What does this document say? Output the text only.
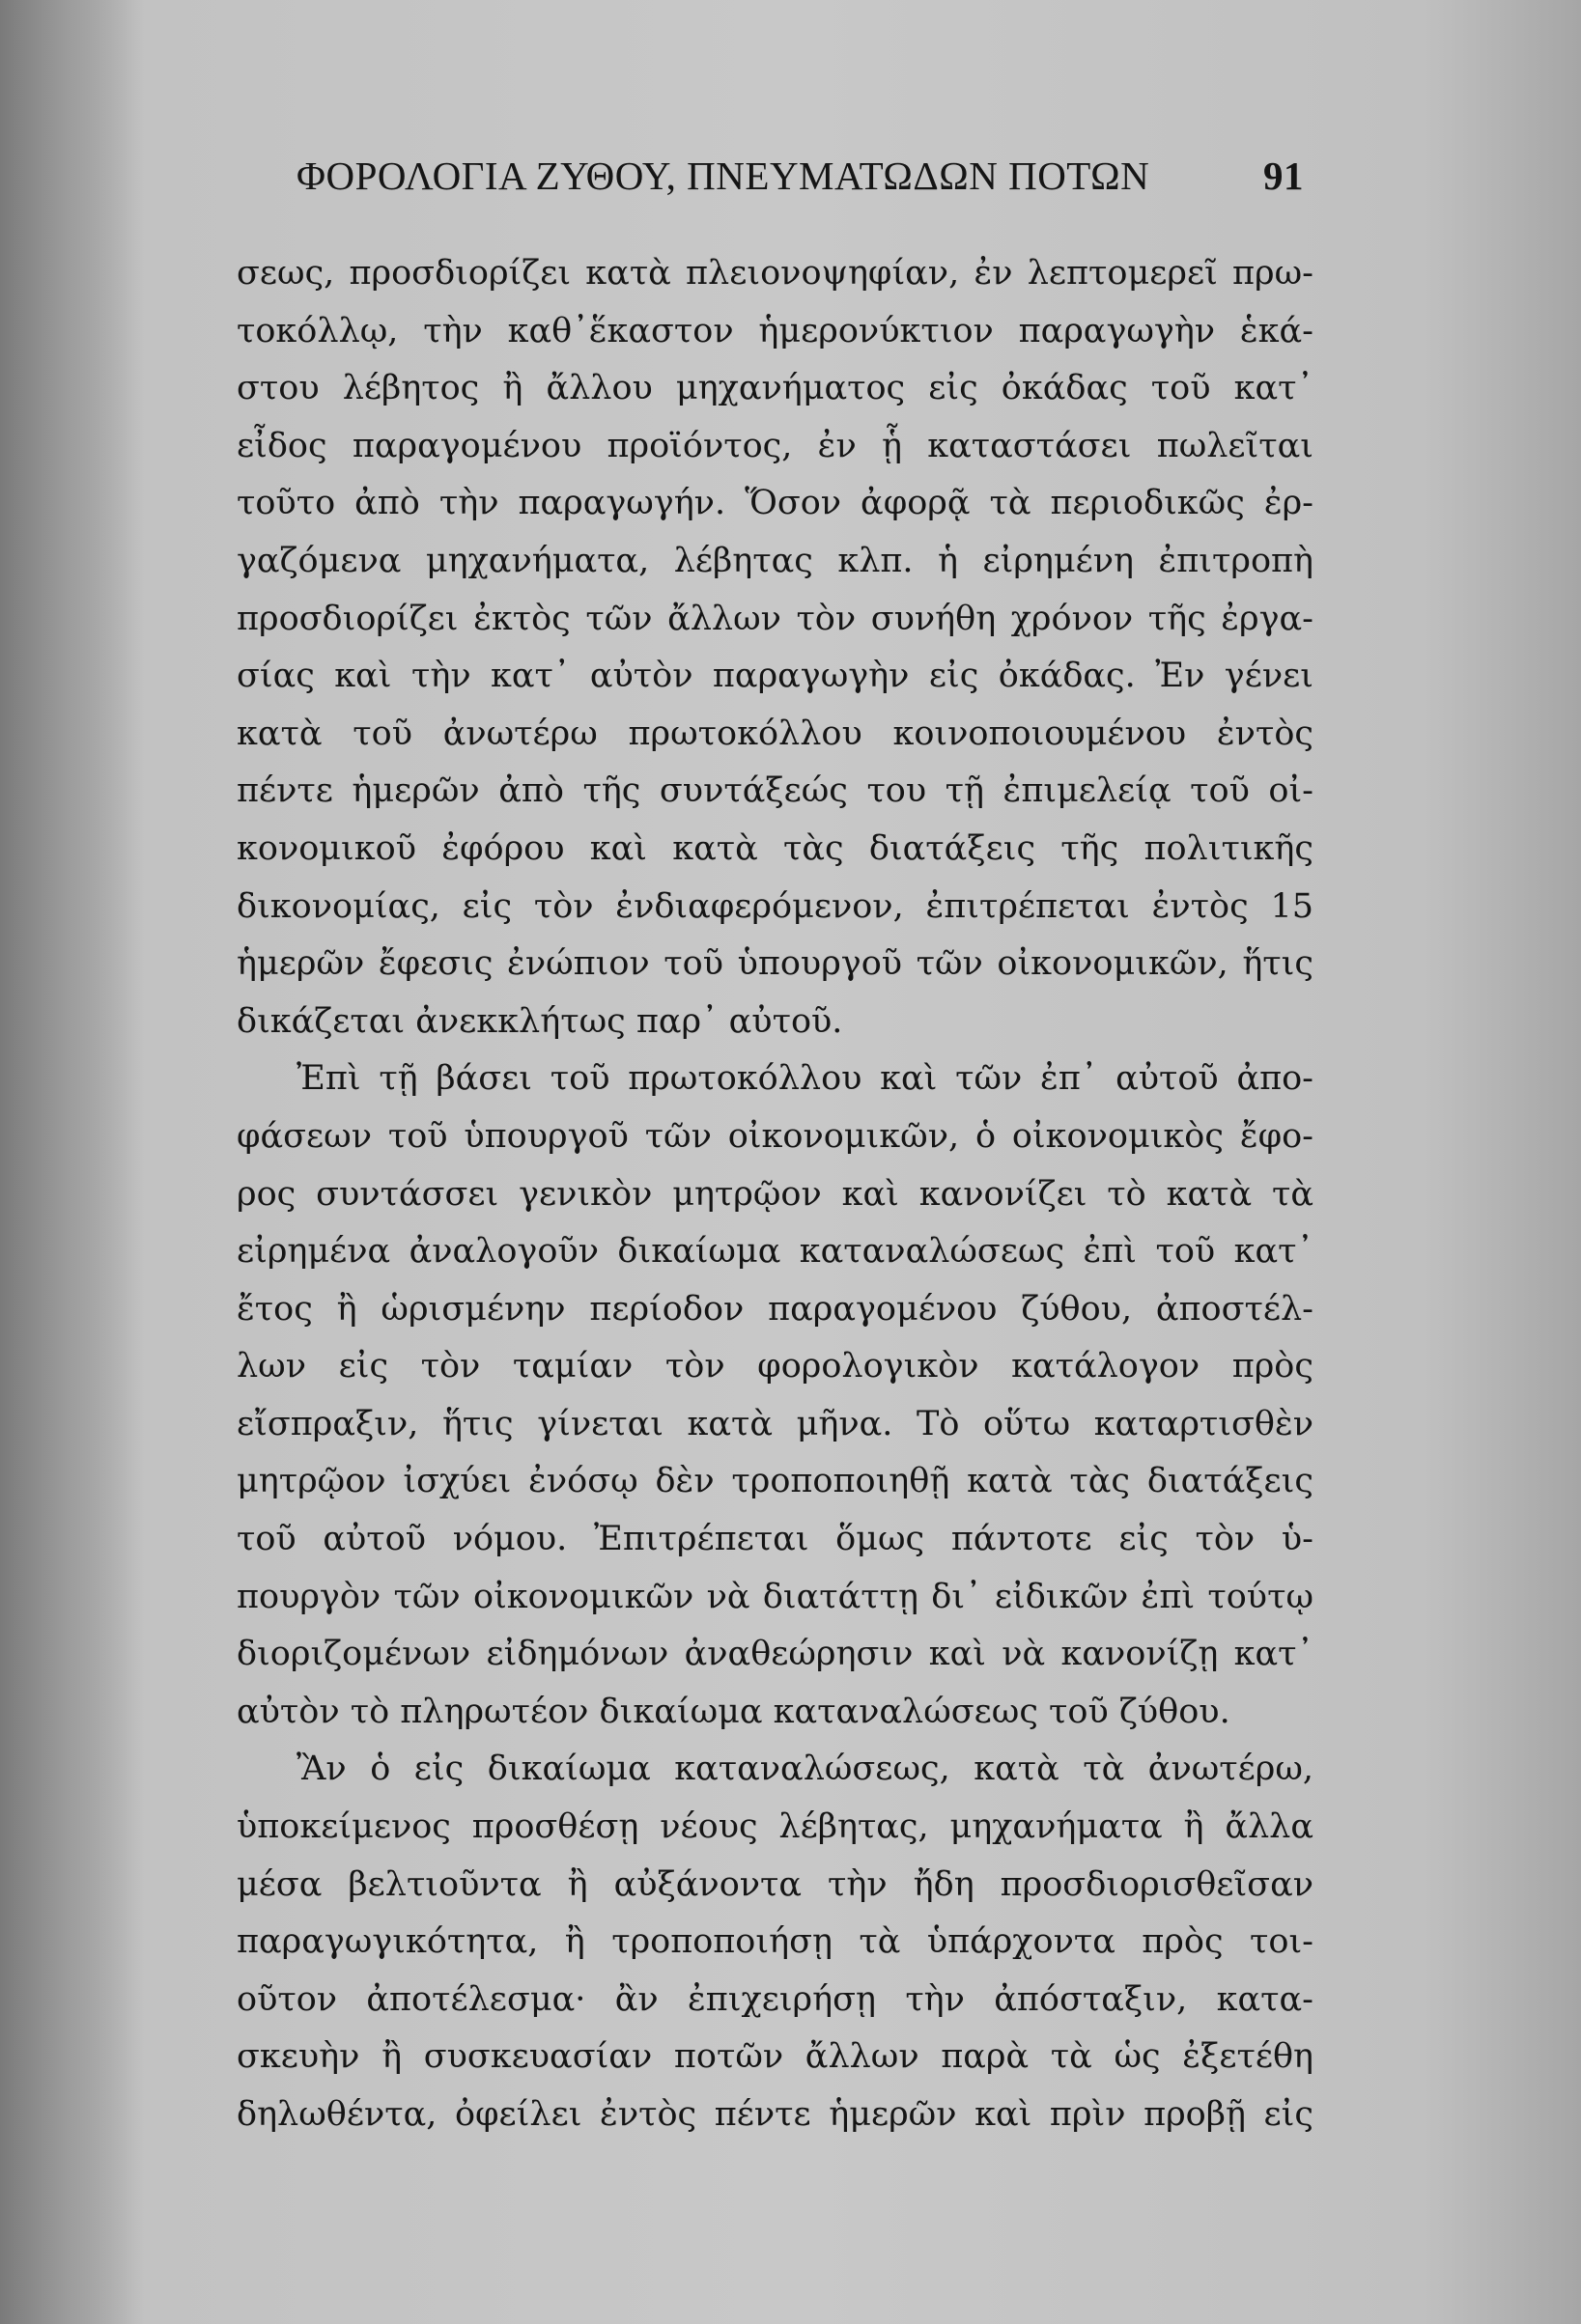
ΦΟΡΟΛΟΓΙΑ ΖΥΘΟΥ, ΠΝΕΥΜΑΤΩΔΩΝ ΠΟΤΩΝ	91
σεως, προσδιορίζει κατὰ πλειονοψηφίαν, ἐν λεπτομερεῖ πρω-
τοκόλλῳ, τὴν καθ᾽ἕκαστον ἡμερονύκτιον παραγωγὴν ἑκά-
στου λέβητος ἢ ἄλλου μηχανήματος εἰς ὀκάδας τοῦ κατ᾽
εἶδος παραγομένου προϊόντος, ἐν ᾗ καταστάσει πωλεῖται
τοῦτο ἀπὸ τὴν παραγωγήν. Ὅσον ἀφορᾷ τὰ περιοδικῶς ἐρ-
γαζόμενα μηχανήματα, λέβητας κλπ. ἡ εἰρημένη ἐπιτροπὴ
προσδιορίζει ἐκτὸς τῶν ἄλλων τὸν συνήθη χρόνον τῆς ἐργα-
σίας καὶ τὴν κατ᾽ αὐτὸν παραγωγὴν εἰς ὀκάδας. Ἐν γένει
κατὰ τοῦ ἀνωτέρω πρωτοκόλλου κοινοποιουμένου ἐντὸς
πέντε ἡμερῶν ἀπὸ τῆς συντάξεώς του τῇ ἐπιμελείᾳ τοῦ οἰ-
κονομικοῦ ἐφόρου καὶ κατὰ τὰς διατάξεις τῆς πολιτικῆς
δικονομίας, εἰς τὸν ἐνδιαφερόμενον, ἐπιτρέπεται ἐντὸς 15
ἡμερῶν ἔφεσις ἐνώπιον τοῦ ὑπουργοῦ τῶν οἰκονομικῶν, ἥτις
δικάζεται ἀνεκκλήτως παρ᾽ αὐτοῦ.
Ἐπὶ τῇ βάσει τοῦ πρωτοκόλλου καὶ τῶν ἐπ᾽ αὐτοῦ ἀπο-
φάσεων τοῦ ὑπουργοῦ τῶν οἰκονομικῶν, ὁ οἰκονομικὸς ἔφο-
ρος συντάσσει γενικὸν μητρῷον καὶ κανονίζει τὸ κατὰ τὰ
εἰρημένα ἀναλογοῦν δικαίωμα καταναλώσεως ἐπὶ τοῦ κατ᾽
ἔτος ἢ ὡρισμένην περίοδον παραγομένου ζύθου, ἀποστέλ-
λων εἰς τὸν ταμίαν τὸν φορολογικὸν κατάλογον πρὸς
εἴσπραξιν, ἥτις γίνεται κατὰ μῆνα. Τὸ οὕτω καταρτισθὲν
μητρῷον ἰσχύει ἐνόσῳ δὲν τροποποιηθῇ κατὰ τὰς διατάξεις
τοῦ αὐτοῦ νόμου. Ἐπιτρέπεται ὅμως πάντοτε εἰς τὸν ὑ-
πουργὸν τῶν οἰκονομικῶν νὰ διατάττῃ δι᾽ εἰδικῶν ἐπὶ τούτῳ
διοριζομένων εἰδημόνων ἀναθεώρησιν καὶ νὰ κανονίζῃ κατ᾽
αὐτὸν τὸ πληρωτέον δικαίωμα καταναλώσεως τοῦ ζύθου.
Ἂν ὁ εἰς δικαίωμα καταναλώσεως, κατὰ τὰ ἀνωτέρω,
ὑποκείμενος προσθέσῃ νέους λέβητας, μηχανήματα ἢ ἄλλα
μέσα βελτιοῦντα ἢ αὐξάνοντα τὴν ἤδη προσδιορισθεῖσαν
παραγωγικότητα, ἢ τροποποιήσῃ τὰ ὑπάρχοντα πρὸς τοι-
οῦτον ἀποτέλεσμα· ἂν ἐπιχειρήσῃ τὴν ἀπόσταξιν, κατα-
σκευὴν ἢ συσκευασίαν ποτῶν ἄλλων παρὰ τὰ ὡς ἐξετέθη
δηλωθέντα, ὀφείλει ἐντὸς πέντε ἡμερῶν καὶ πρὶν προβῇ εἰς
